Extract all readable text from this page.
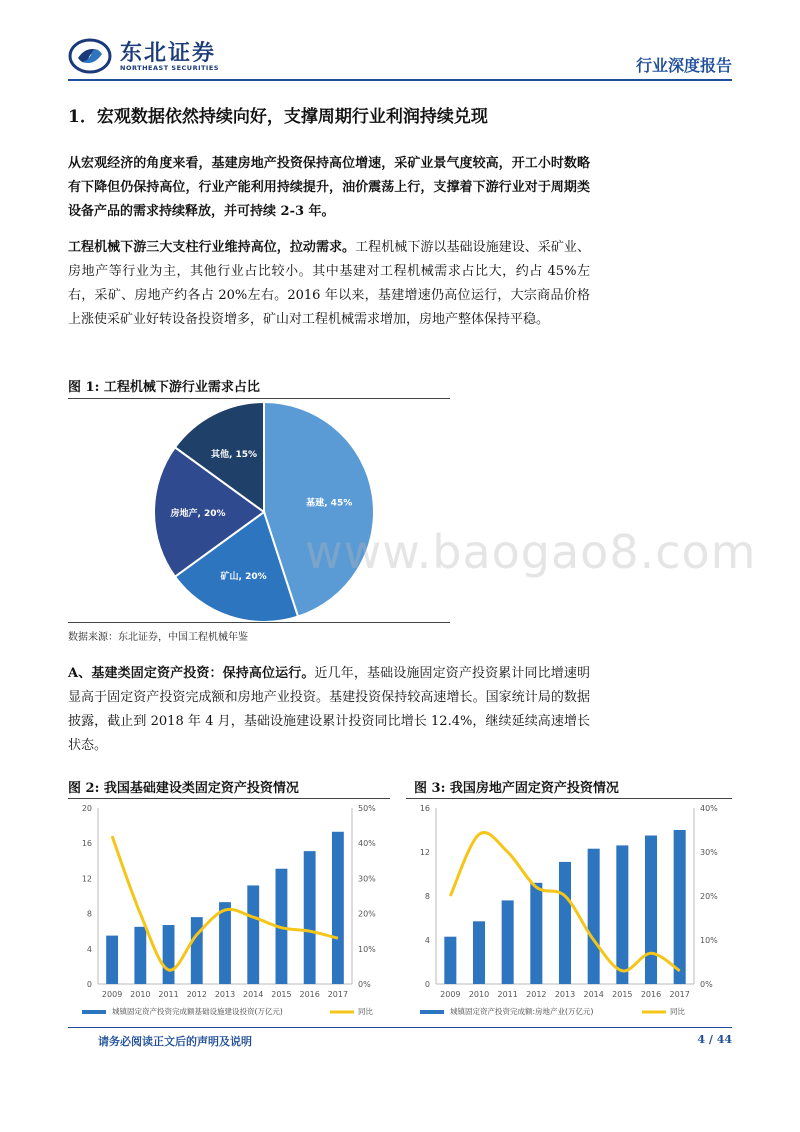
东北证券
NORTHEAST SECURITIES	行业深度报告
1．宏观数据依然持续向好，支撑周期行业利润持续兑现
从宏观经济的角度来看，基建房地产投资保持高位增速，采矿业景气度较高，开工小时数略有下降但仍保持高位，行业产能利用持续提升，油价震荡上行，支撑着下游行业对于周期类设备产品的需求持续释放，并可持续 2-3 年。
工程机械下游三大支柱行业维持高位，拉动需求。工程机械下游以基础设施建设、采矿业、房地产等行业为主，其他行业占比较小。其中基建对工程机械需求占比大，约占 45%左右，采矿、房地产约各占 20%左右。2016 年以来，基建增速仍高位运行，大宗商品价格上涨使采矿业好转设备投资增多，矿山对工程机械需求增加，房地产整体保持平稳。
图 1: 工程机械下游行业需求占比
基建, 45%
矿山, 20%
房地产, 20%
其他, 15%
数据来源：东北证券，中国工程机械年鉴
A、基建类固定资产投资：保持高位运行。近几年，基础设施固定资产投资累计同比增速明显高于固定资产投资完成额和房地产业投资。基建投资保持较高速增长。国家统计局的数据披露，截止到 2018 年 4 月，基础设施建设累计投资同比增长 12.4%，继续延续高速增长状态。
图 2: 我国基础建设类固定资产投资情况
0
4
8
12
16
20
0%
10%
20%
30%
40%
50%
2009 2010 2011 2012 2013 2014 2015 2016 2017
城镇固定资产投资完成额基础设施建设投资(万亿元)	同比
图 3: 我国房地产固定资产投资情况
0
4
8
12
16
0%
10%
20%
30%
40%
2009 2010 2011 2012 2013 2014 2015 2016 2017
城镇固定资产投资完成额:房地产业(万亿元)	同比
www.baogao8.com
请务必阅读正文后的声明及说明	4 / 44
